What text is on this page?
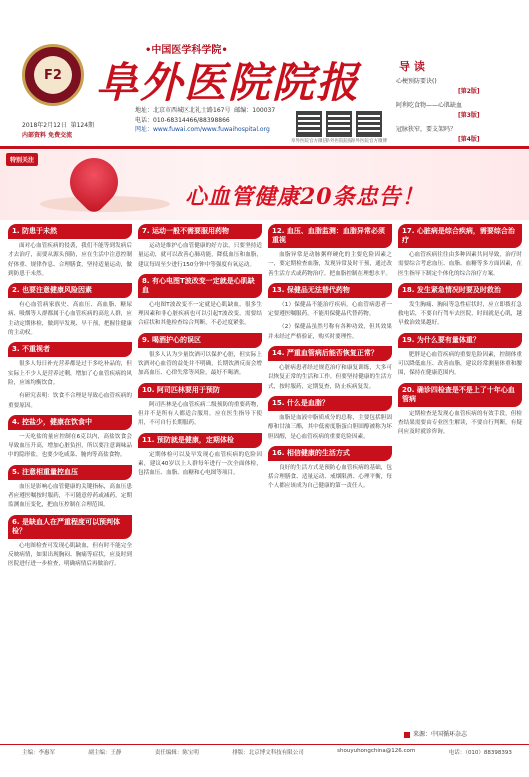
F2
•中国医学科学院•
阜外医院院报
2018年2月12日 第124期
内部资料 免费交流
地址：北京市西城区北礼士路167号 邮编：100037
电话：010-68314466/88398866
网址：www.fuwai.com/www.fuwaihospital.org
阜外医院官方微信
阜外医院院报
阜外医院官方微博
导 读
心梗预防要诀()
[第2版]
阿利吃食物——心肌缺血
[第3版]
冠脉狭窄，要支架吗？
[第4版]
特别关注
心血管健康20条忠告！
1. 防患于未然
面对心血管疾病的侵袭，我们不能等到发病后才去治疗，而要从源头预防，应在生活中注意控制好体重、规律作息、合理膳食，坚持适量运动，做到防患于未然。
2. 也要注意健康风险因素
有心血管病家族史、高血压、高血脂、糖尿病、吸烟等人群都属于心血管疾病的高危人群，应主动定期体检，做到早发现、早干预，把握住健康的主动权。
3. 不重视者
很多人每日补充营养都是过于多吃补品的，但实际上不少人是营养过剩，增加了心血管疾病的风险，应该均衡饮食。
有研究表明：饮食不合理是导致心血管疾病的重要原因。
4. 控盐少，健康在饮食中
一天吃盐的量应控制在6克以内，高盐饮食会导致血压升高，增加心脏负担，所以要注意调味品中的隐形盐，也要少吃咸菜、腌肉等高盐食物。
5. 注意相重量控血压
血压是影响心血管健康的关键指标，高血压患者应遵医嘱按时服药，不可随意停药或减药，定期监测血压变化，把血压控制在合理范围。
6. 是缺血人在严重程度可以预判体检？
心电图检查可发现心肌缺血，但有时不能完全反映病情，如果出现胸闷、胸痛等症状，应及时到医院进行进一步检查，明确病情后再做治疗。
7. 运动一般不需要服用药物
运动是维护心血管健康的好方法，只要坚持适量运动，就可以改善心肺功能，降低血压和血脂，建议每周至少进行150分钟中等强度有氧运动。
8. 有心电图T波改变一定就是心肌缺血
心电图T波改变不一定就是心肌缺血，很多生理因素和非心脏疾病也可以引起T波改变，需要结合症状和其他检查综合判断，不必过度紧张。
9. 喝酒护心的误区
很多人认为少量饮酒可以保护心脏，但实际上饮酒对心血管的益处并不明确，长期饮酒反而会增加高血压、心律失常等风险，最好不喝酒。
10. 阿司匹林要用于预防
阿司匹林是心血管疾病二级预防的重要药物，但并不是所有人都适合服用，应在医生指导下使用，不可自行长期服药。
11. 预防就是健康，定期体检
定期体检可以及早发现心血管疾病的危险因素，建议40岁以上人群每年进行一次全面体检，包括血压、血脂、血糖和心电图等项目。
12. 血压、血脂监测：血脂异常必须重视
血脂异常是动脉粥样硬化的主要危险因素之一，要定期检查血脂，发现异常及时干预，通过改善生活方式或药物治疗，把血脂控制在理想水平。
13. 保健品无法替代药物
（1）保健品不能治疗疾病，心血管病患者一定要遵医嘱服药，不能用保健品代替药物。
（2）保健品虽然号称有各种功效，但其效果并未经过严格验证，购买时要理性。
14. 严重血管病后能否恢复正常？
心脏病患者经过规范治疗和康复训练，大多可以恢复正常的生活和工作，但要坚持健康的生活方式，按时服药，定期复查，防止疾病复发。
15. 什么是血脂？
血脂是血液中脂质成分的总称，主要包括胆固醇和甘油三酯，其中低密度脂蛋白胆固醇被称为坏胆固醇，是心血管疾病的重要危险因素。
16. 相信健康的生活方式
良好的生活方式是预防心血管疾病的基础，包括合理膳食、适量运动、戒烟限酒、心理平衡，每个人都应该成为自己健康的第一责任人。
17. 心脏病是综合疾病，需要综合治疗
心血管疾病往往由多种因素共同导致，治疗时需要综合考虑血压、血脂、血糖等多方面因素，在医生指导下制定个体化的综合治疗方案。
18. 发生紧急情况时要及时救治
发生胸痛、胸闷等急性症状时，应立即拨打急救电话，不要自行驾车去医院，时间就是心肌，越早救治效果越好。
19. 为什么要有量体重？
肥胖是心血管疾病的重要危险因素，控制体重可以降低血压、改善血脂，建议经常测量体重和腰围，保持在健康范围内。
20. 确诊四检查是不是上了十年心血管病
定期检查是发现心血管疾病的有效手段，但检查结果需要由专业医生解读，不要自行判断，有疑问应及时就诊咨询。
来源：中国循环杂志
主编：李惠军	副主编：王静	责任编辑：陈宝明	排版：北京博文科技有限公司	shouyuhongchina@126.com	电话：（010）88398393
